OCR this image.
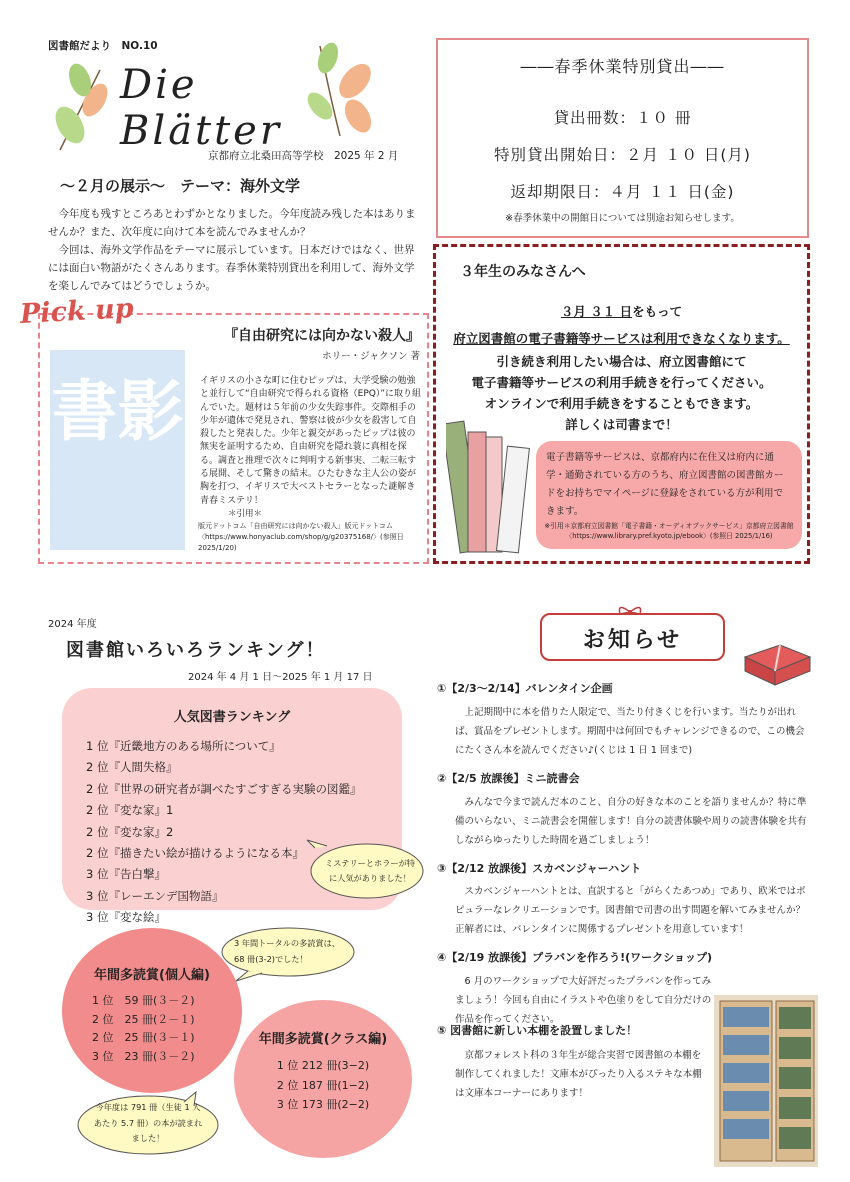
図書館だより　NO.10
Die Blätter
京都府立北桑田高等学校　2025 年 2 月
～２月の展示～　テーマ：海外文学

今年度も残すところあとわずかとなりました。今年度読み残した本はありませんか？また、次年度に向けて本を読んでみませんか？

今回は、海外文学作品をテーマに展示しています。日本だけではなく、世界には面白い物語がたくさんあります。春季休業特別貸出を利用して、海外文学を楽しんでみてはどうでしょうか。

――春季休業特別貸出――
貸出冊数：１０ 冊
特別貸出開始日：２月 １０ 日(月)
返却期限日：４月 １１ 日(金)
※春季休業中の開館日については別途お知らせします。
３年生のみなさんへ
３月 ３１ 日をもって
府立図書館の電子書籍等サービスは利用できなくなります。
引き続き利用したい場合は、府立図書館にて
電子書籍等サービスの利用手続きを行ってください。
オンラインで利用手続きをすることもできます。
詳しくは司書まで！
電子書籍等サービスは、京都府内に在住又は府内に通学・通勤されている方のうち、府立図書館の図書館カードをお持ちでマイページに登録をされている方が利用できます。
※引用＊京都府立図書館「電子書籍・オーディオブックサービス」京都府立図書館〈https://www.library.pref.kyoto.jp/ebook〉(参照日 2025/1/16)
書影
『自由研究には向かない殺人』
ホリー・ジャクソン 著
イギリスの小さな町に住むピップは、大学受験の勉強と並行して“自由研究で得られる資格（EPQ）”に取り組んでいた。題材は５年前の少女失踪事件。交際相手の少年が遺体で発見され、警察は彼が少女を殺害して自殺したと発表した。少年と親交があったピップは彼の無実を証明するため、自由研究を隠れ蓑に真相を探る。調査と推理で次々に判明する新事実、二転三転する展開、そして驚きの結末。ひたむきな主人公の姿が胸を打つ、イギリスで大ベストセラーとなった謎解き青春ミステリ！
＊引用＊
版元ドットコム「自由研究には向かない殺人」版元ドットコム〈https://www.honyaclub.com/shop/g/g20375168/〉(参照日 2025/1/20)
Pick up
2024 年度
図書館いろいろランキング！
2024 年 4 月 1 日～2025 年 1 月 17 日
人気図書ランキング
1 位『近畿地方のある場所について』
2 位『人間失格』
2 位『世界の研究者が調べたすごすぎる実験の図鑑』
2 位『変な家』1
2 位『変な家』2
2 位『描きたい絵が描けるようになる本』
3 位『告白撃』
3 位『レーエンデ国物語』
3 位『変な絵』
ミステリーとホラーが特に人気がありました！
年間多読賞(個人編)
1 位　59 冊(３－２)
2 位　25 冊(２－１)
2 位　25 冊(３－１)
3 位　23 冊(３－２)
年間多読賞(クラス編)
1 位 212 冊(3−2)
2 位 187 冊(1−2)
3 位 173 冊(2−2)
3 年間トータルの多読賞は、68 冊(3-2)でした！
今年度は 791 冊（生徒 1 人あたり 5.7 冊）の本が読まれました！
お知らせ
①【2/3～2/14】バレンタイン企画

上記期間中に本を借りた人限定で、当たり付きくじを行います。当たりが出れば、賞品をプレゼントします。期間中は何回でもチャレンジできるので、この機会にたくさん本を読んでください♪(くじは 1 日 1 回まで)

②【2/5 放課後】ミニ読書会

みんなで今まで読んだ本のこと、自分の好きな本のことを語りませんか？特に準備のいらない、ミニ読書会を開催します！自分の読書体験や周りの読書体験を共有しながらゆったりした時間を過ごしましょう！

③【2/12 放課後】スカベンジャーハント

スカベンジャーハントとは、直訳すると「がらくたあつめ」であり、欧米ではポピュラーなレクリエーションです。図書館で司書の出す問題を解いてみませんか？正解者には、バレンタインに関係するプレゼントを用意しています！

④【2/19 放課後】プラバンを作ろう!(ワークショップ)

6 月のワークショップで大好評だったプラバンを作ってみましょう！今回も自由にイラストや色塗りをして自分だけの作品を作ってください。

⑤ 図書館に新しい本棚を設置しました！

京都フォレスト科の３年生が総合実習で図書館の本棚を制作してくれました！文庫本がぴったり入るステキな本棚は文庫本コーナーにあります！
